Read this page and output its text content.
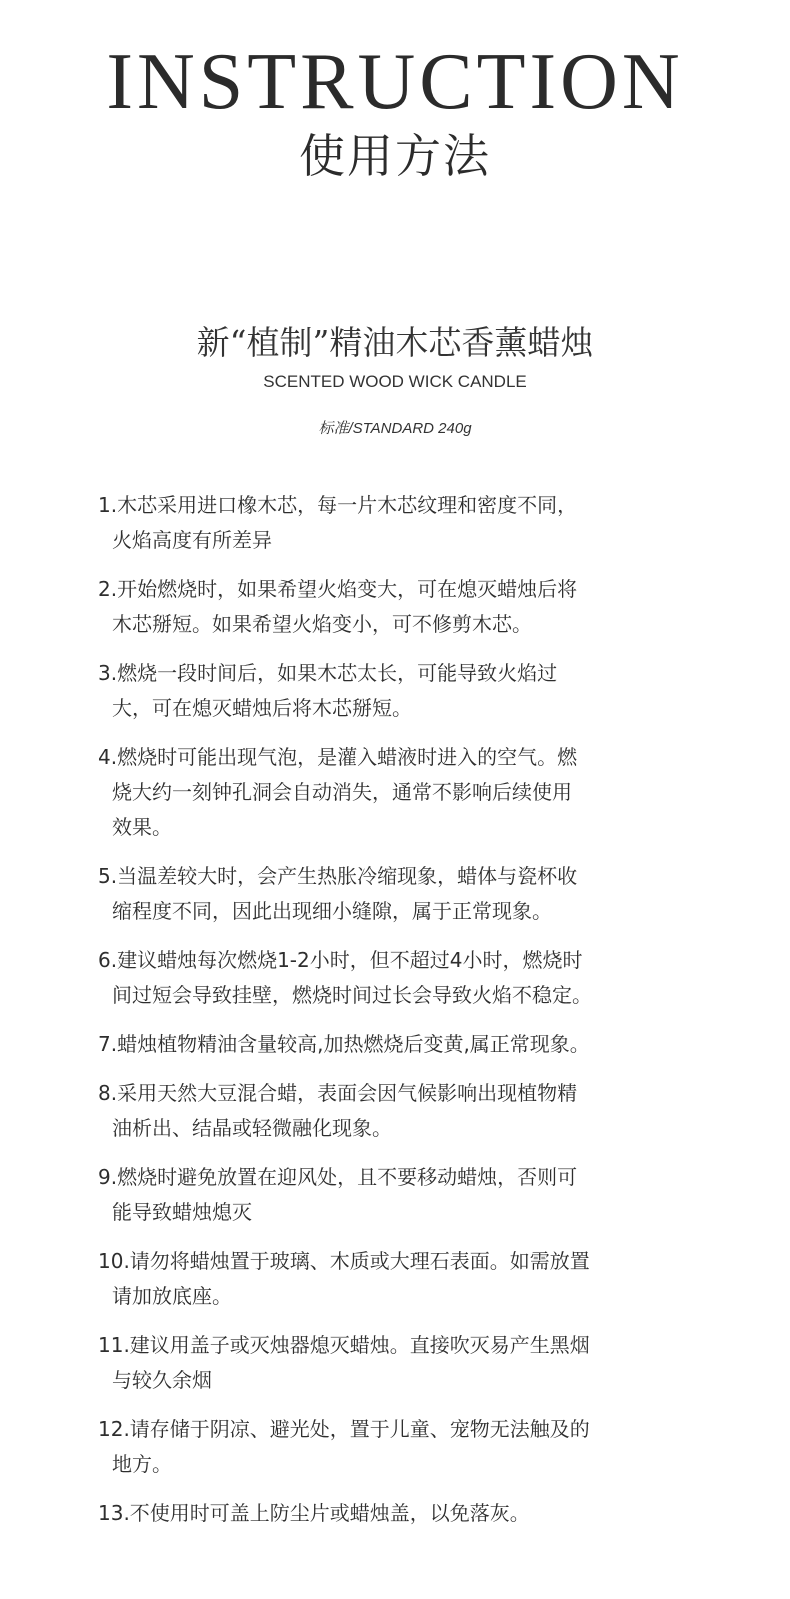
INSTRUCTION
使用方法
新“植制”精油木芯香薰蜡烛
SCENTED WOOD WICK CANDLE
标准/STANDARD 240g
1.木芯采用进口橡木芯，每一片木芯纹理和密度不同，
火焰高度有所差异
2.开始燃烧时，如果希望火焰变大，可在熄灭蜡烛后将
木芯掰短。如果希望火焰变小，可不修剪木芯。
3.燃烧一段时间后，如果木芯太长，可能导致火焰过
大，可在熄灭蜡烛后将木芯掰短。
4.燃烧时可能出现气泡，是灌入蜡液时进入的空气。燃
烧大约一刻钟孔洞会自动消失，通常不影响后续使用
效果。
5.当温差较大时，会产生热胀冷缩现象，蜡体与瓷杯收
缩程度不同，因此出现细小缝隙，属于正常现象。
6.建议蜡烛每次燃烧1-2小时，但不超过4小时，燃烧时
间过短会导致挂壁，燃烧时间过长会导致火焰不稳定。
7.蜡烛植物精油含量较高,加热燃烧后变黄,属正常现象。
8.采用天然大豆混合蜡，表面会因气候影响出现植物精
油析出、结晶或轻微融化现象。
9.燃烧时避免放置在迎风处，且不要移动蜡烛，否则可
能导致蜡烛熄灭
10.请勿将蜡烛置于玻璃、木质或大理石表面。如需放置
请加放底座。
11.建议用盖子或灭烛器熄灭蜡烛。直接吹灭易产生黑烟
与较久余烟
12.请存储于阴凉、避光处，置于儿童、宠物无法触及的
地方。
13.不使用时可盖上防尘片或蜡烛盖，以免落灰。
